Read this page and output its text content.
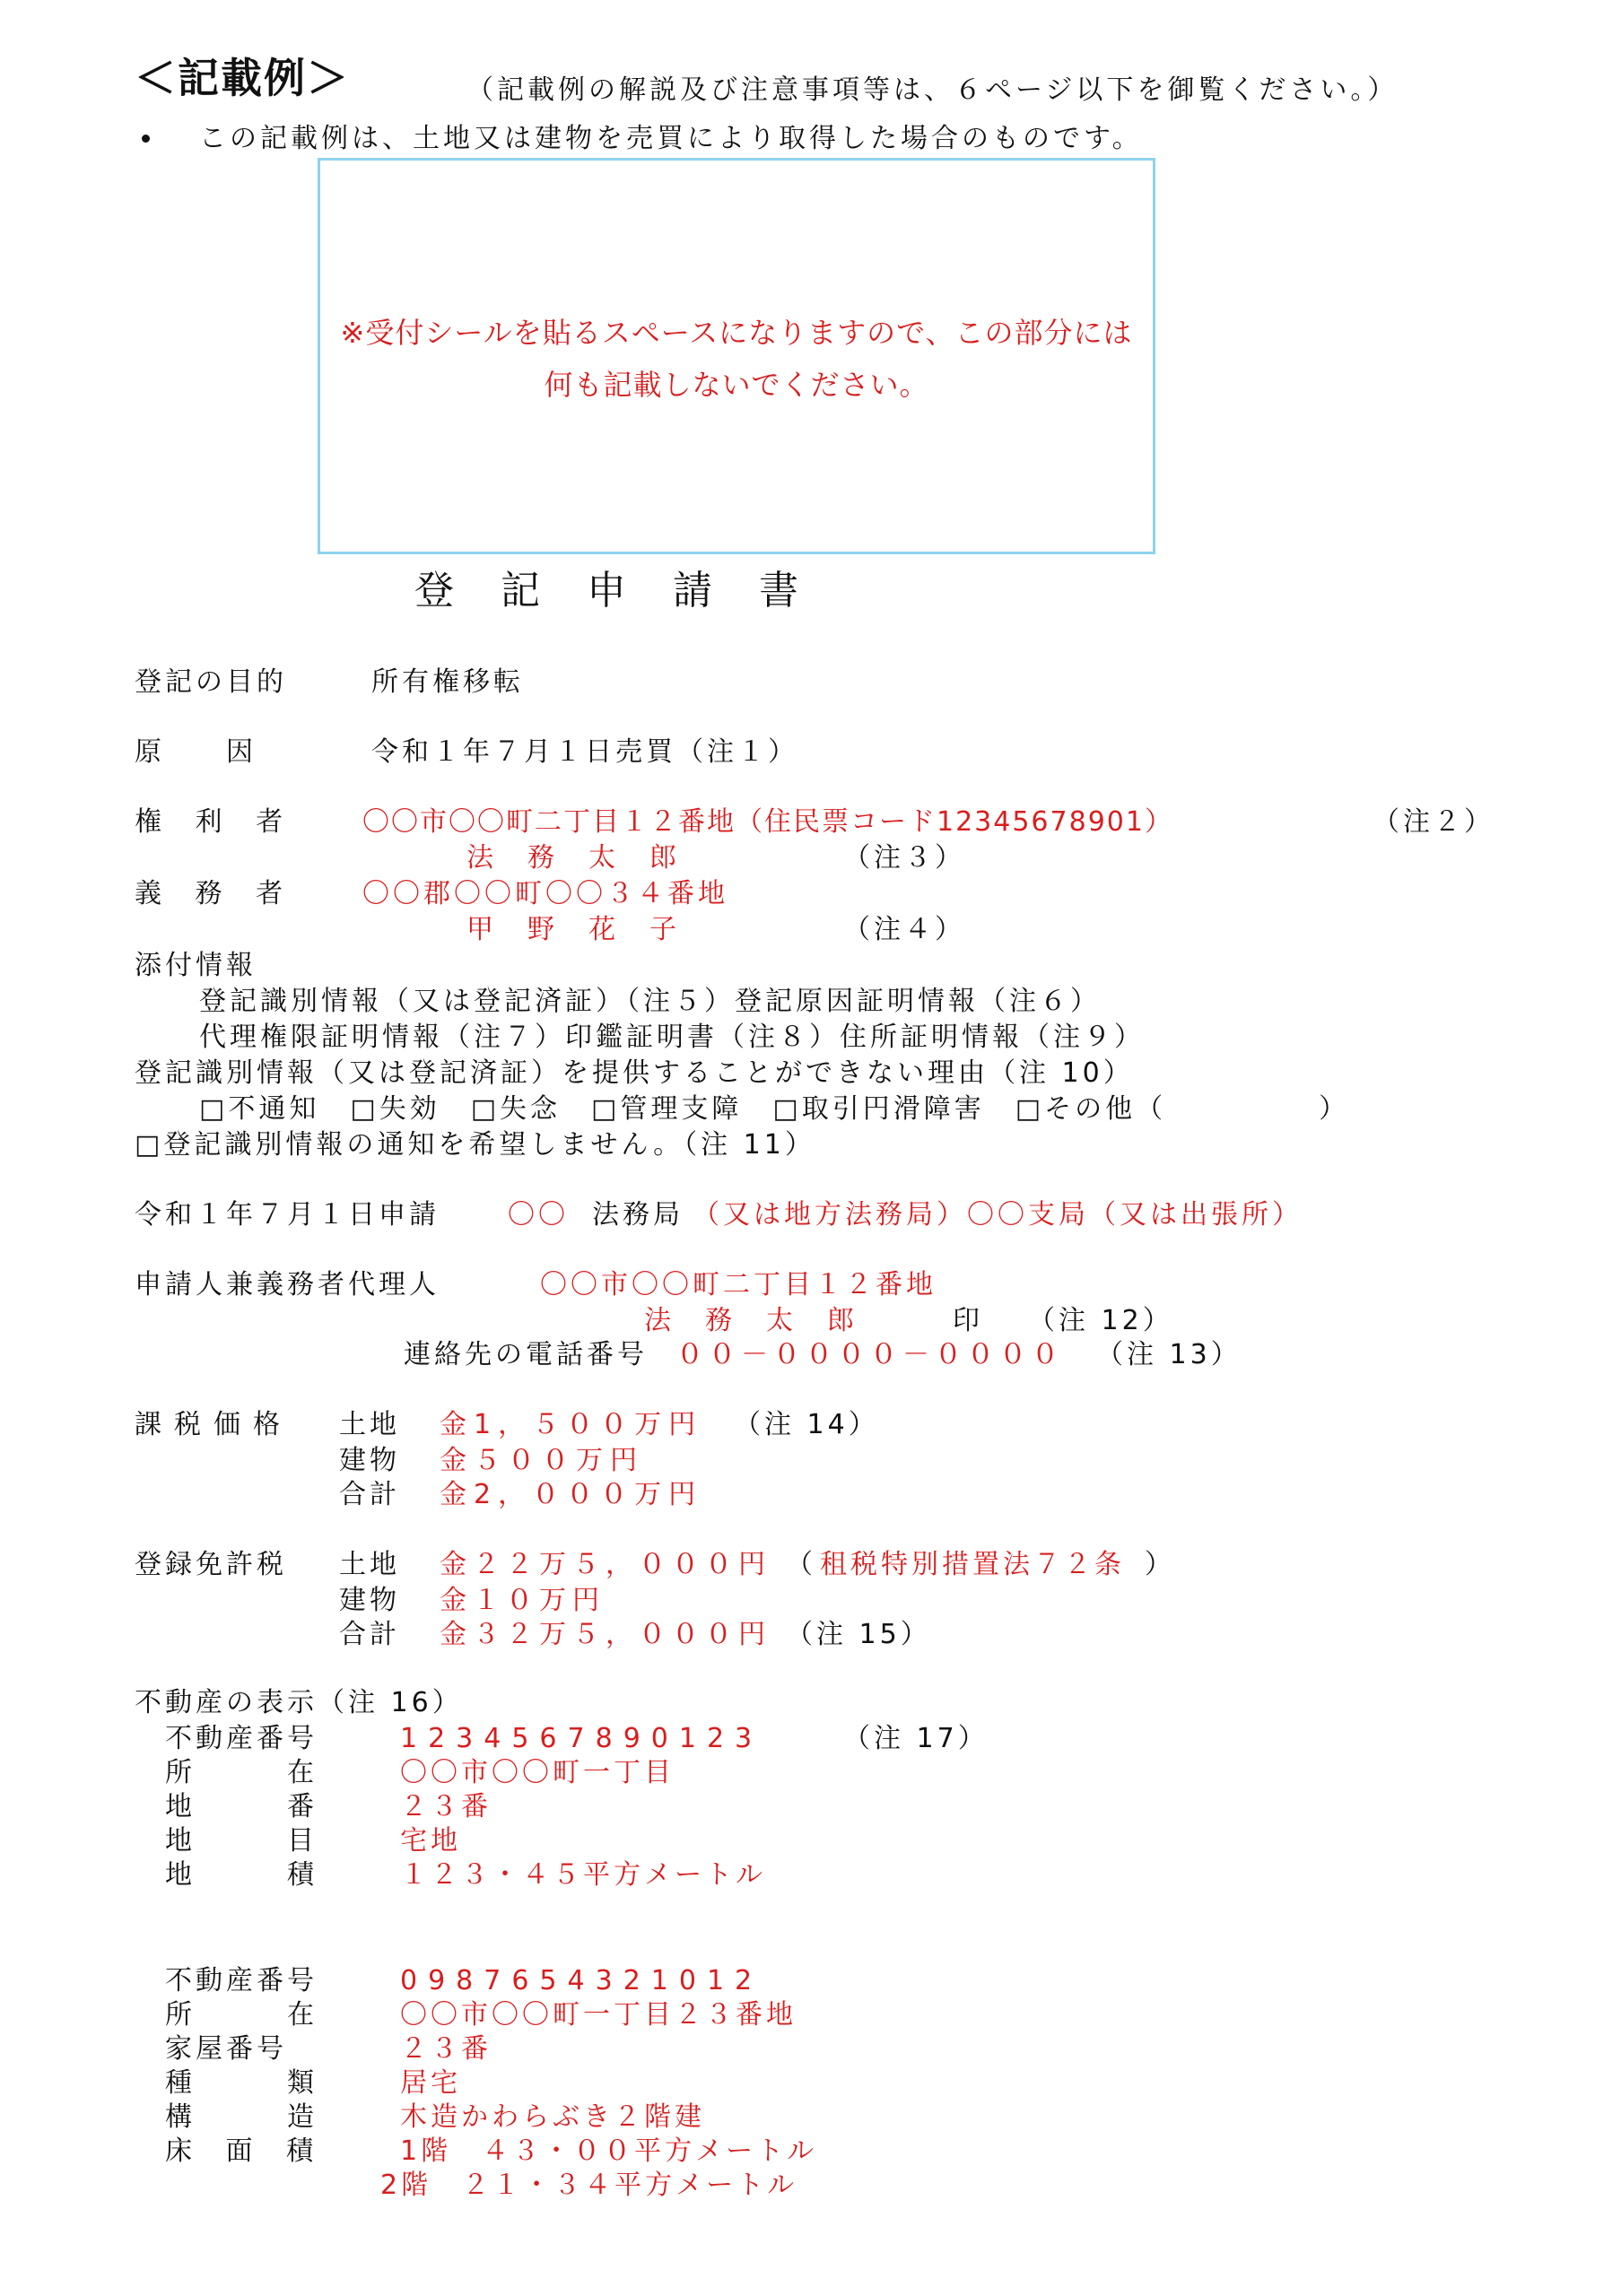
＜記載例＞	（記載例の解説及び注意事項等は、６ページ以下を御覧ください。）
この記載例は、土地又は建物を売買により取得した場合のものです。
※受付シールを貼るスペースになりますので、この部分には
何も記載しないでください。
登記申請書
登記の目的	所有権移転
原　　因	令和１年７月１日売買（注１）
権 利 者 〇〇市〇〇町二丁目１２番地（住民票コード12345678901）	（注２）
法　務　太　郎	（注３）
義 務 者 〇〇郡〇〇町〇〇３４番地
甲　野　花　子	（注４）
添付情報
登記識別情報（又は登記済証）（注５）登記原因証明情報（注６）
代理権限証明情報（注７）印鑑証明書（注８）住所証明情報（注９）
登記識別情報（又は登記済証）を提供することができない理由（注 10）
□不通知　□失効　□失念　□管理支障　□取引円滑障害　□その他（　　　　　）
□登記識別情報の通知を希望しません。（注 11）
令和１年７月１日申請	〇〇 法務局 （又は地方法務局）〇〇支局（又は出張所）
申請人兼義務者代理人	〇〇市〇〇町二丁目１２番地
法　務　太　郎	印 （注 12）
連絡先の電話番号 ００－００００－００００ （注 13）
課税価格 土地 金1，５００万円 （注 14）
建物 金５００万円
合計 金2，０００万円
登録免許税 土地 金２２万５，０００円 （ 租税特別措置法７２条 ）
建物 金１０万円
合計 金３２万５，０００円 （注 15）
不動産の表示（注 16）
不動産番号	1234567890123	（注 17）
所　　　在	〇〇市〇〇町一丁目
地　　　番	２３番
地　　　目	宅地
地　　　積	１２３・４５平方メートル
不動産番号	0987654321012
所　　　在	〇〇市〇〇町一丁目２３番地
家屋番号	２３番
種　　　類	居宅
構　　　造	木造かわらぶき２階建
床 面 積	1階　４３・００平方メートル
2階　２１・３４平方メートル
